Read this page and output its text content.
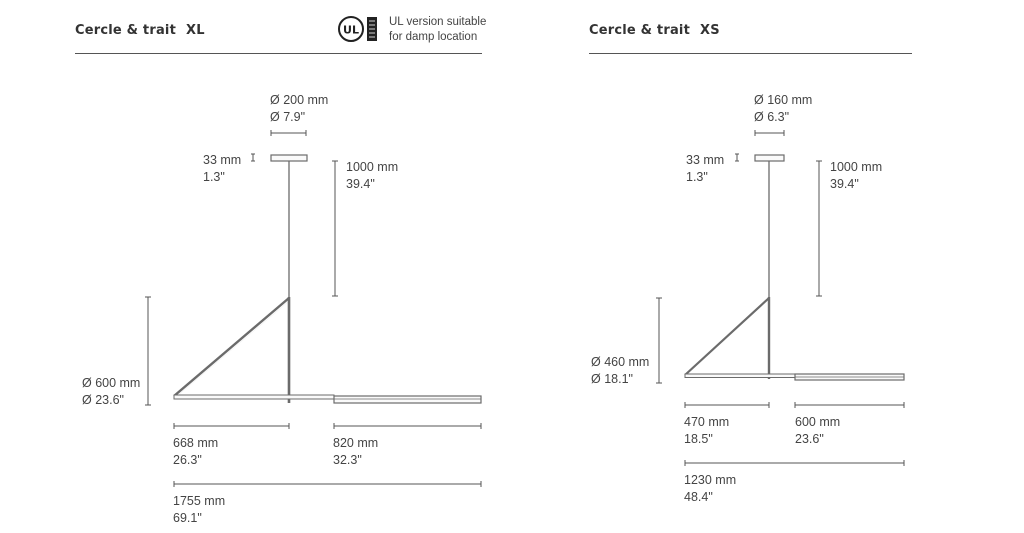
Cercle & trait XL	UL
UL version suitable
for damp location
Ø 200 mm
Ø 7.9"
33 mm
1.3"
1000 mm
39.4"
Ø 600 mm
Ø 23.6"
668 mm
26.3"
820 mm
32.3"
1755 mm
69.1"
Cercle & trait XS
Ø 160 mm
Ø 6.3"
33 mm
1.3"
1000 mm
39.4"
Ø 460 mm
Ø 18.1"
470 mm
18.5"
600 mm
23.6"
1230 mm
48.4"
